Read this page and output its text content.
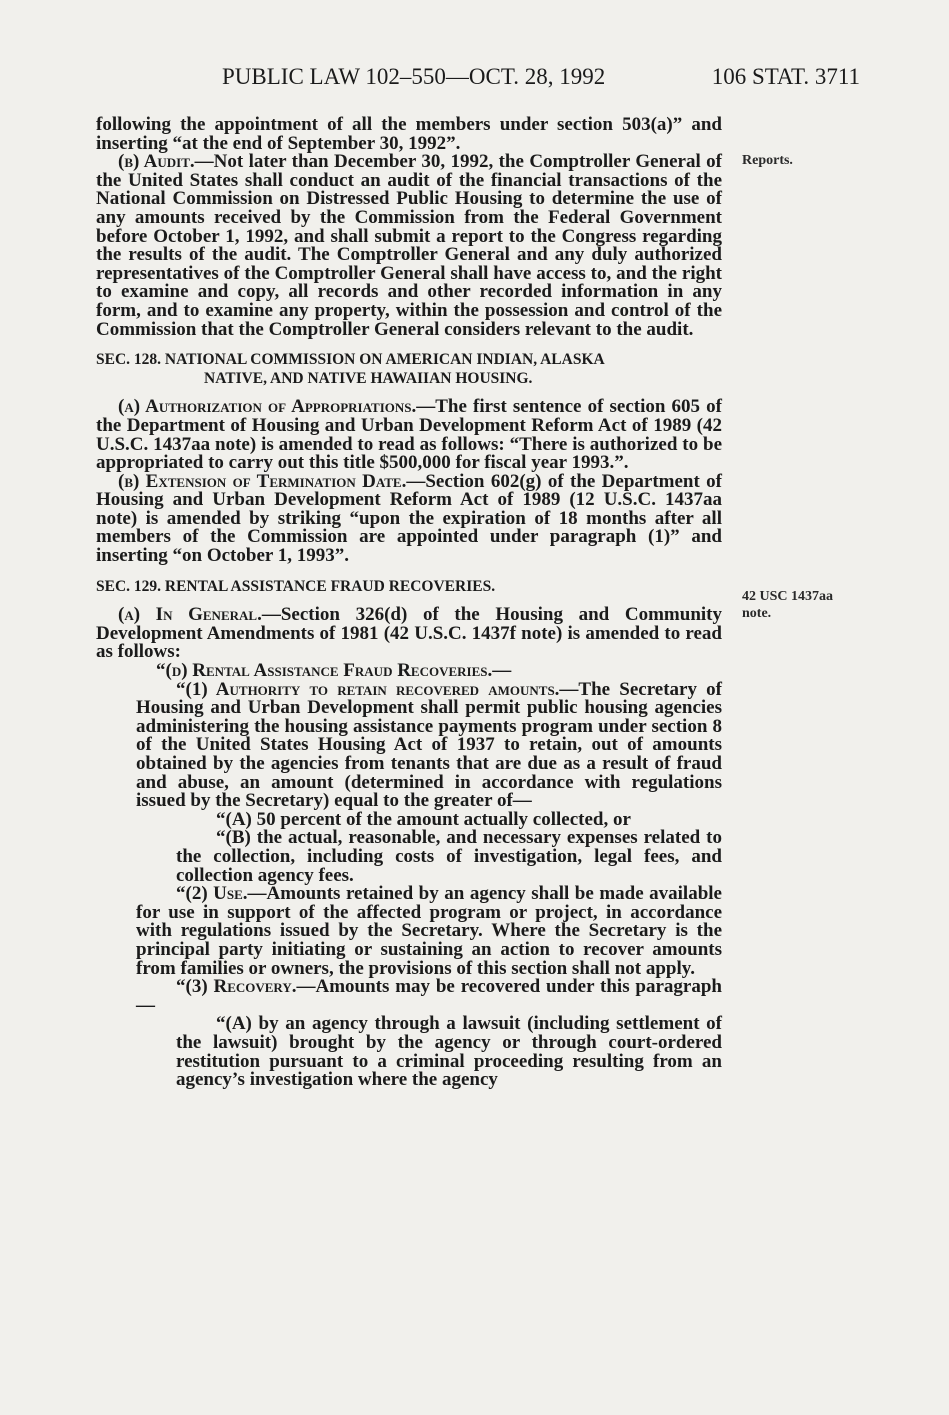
PUBLIC LAW 102–550—OCT. 28, 1992	106 STAT. 3711
Reports.
42 USC 1437aa
note.

following the appointment of all the members under section 503(a)” and inserting “at the end of September 30, 1992”.

(b) Audit.—Not later than December 30, 1992, the Comptroller General of the United States shall conduct an audit of the financial transactions of the National Commission on Distressed Public Housing to determine the use of any amounts received by the Commission from the Federal Government before October 1, 1992, and shall submit a report to the Congress regarding the results of the audit. The Comptroller General and any duly authorized representatives of the Comptroller General shall have access to, and the right to examine and copy, all records and other recorded information in any form, and to examine any property, within the possession and control of the Commission that the Comptroller General considers relevant to the audit.

SEC. 128. NATIONAL COMMISSION ON AMERICAN INDIAN, ALASKA
NATIVE, AND NATIVE HAWAIIAN HOUSING.

(a) Authorization of Appropriations.—The first sentence of section 605 of the Department of Housing and Urban Development Reform Act of 1989 (42 U.S.C. 1437aa note) is amended to read as follows: “There is authorized to be appropriated to carry out this title $500,000 for fiscal year 1993.”.

(b) Extension of Termination Date.—Section 602(g) of the Department of Housing and Urban Development Reform Act of 1989 (12 U.S.C. 1437aa note) is amended by striking “upon the expiration of 18 months after all members of the Commission are appointed under paragraph (1)” and inserting “on October 1, 1993”.

SEC. 129. RENTAL ASSISTANCE FRAUD RECOVERIES.

(a) In General.—Section 326(d) of the Housing and Community Development Amendments of 1981 (42 U.S.C. 1437f note) is amended to read as follows:

“(d) Rental Assistance Fraud Recoveries.—

“(1) Authority to retain recovered amounts.—The Secretary of Housing and Urban Development shall permit public housing agencies administering the housing assistance payments program under section 8 of the United States Housing Act of 1937 to retain, out of amounts obtained by the agencies from tenants that are due as a result of fraud and abuse, an amount (determined in accordance with regulations issued by the Secretary) equal to the greater of—

“(A) 50 percent of the amount actually collected, or

“(B) the actual, reasonable, and necessary expenses related to the collection, including costs of investigation, legal fees, and collection agency fees.

“(2) Use.—Amounts retained by an agency shall be made available for use in support of the affected program or project, in accordance with regulations issued by the Secretary. Where the Secretary is the principal party initiating or sustaining an action to recover amounts from families or owners, the provisions of this section shall not apply.

“(3) Recovery.—Amounts may be recovered under this paragraph—

“(A) by an agency through a lawsuit (including settlement of the lawsuit) brought by the agency or through court-ordered restitution pursuant to a criminal proceeding resulting from an agency’s investigation where the agency
